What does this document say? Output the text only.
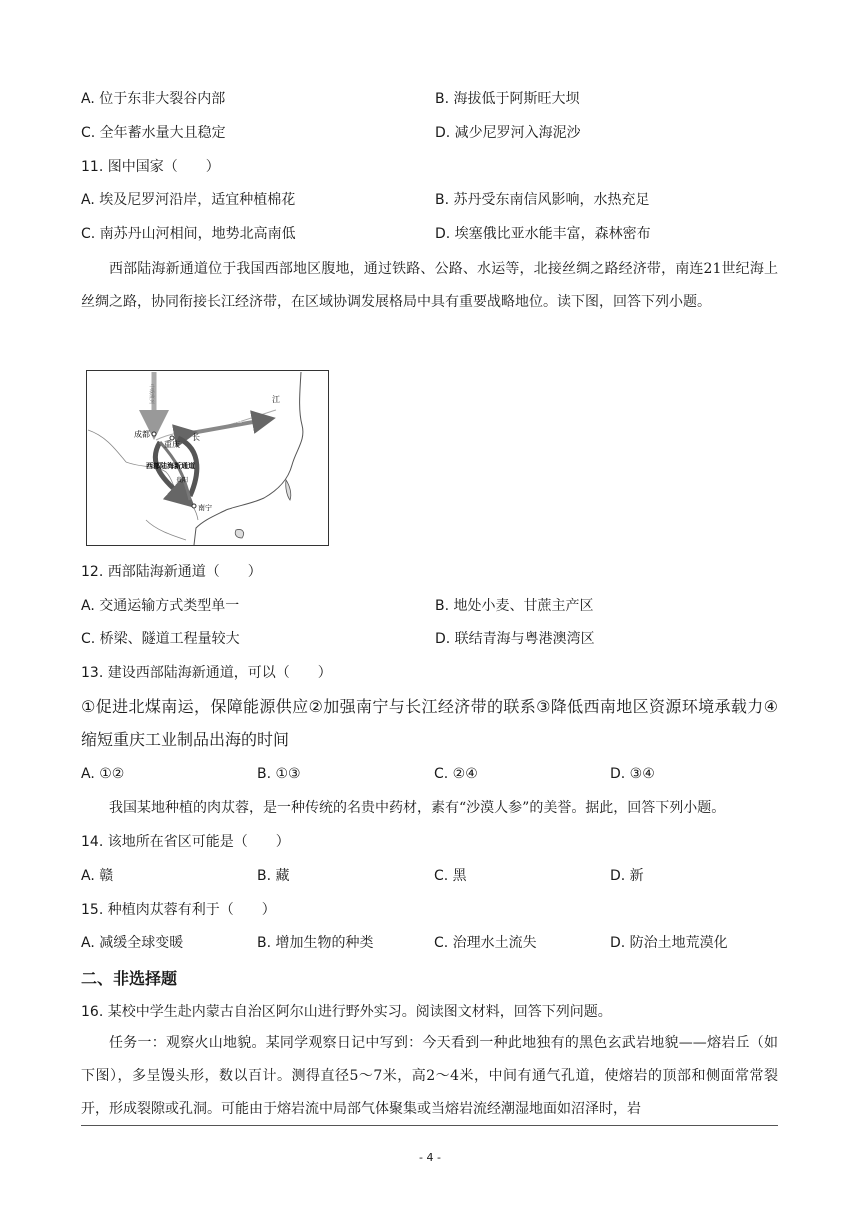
A. 位于东非大裂谷内部	B. 海拔低于阿斯旺大坝
C. 全年蓄水量大且稳定	D. 减少尼罗河入海泥沙
11. 图中国家（　　）
A. 埃及尼罗河沿岸，适宜种植棉花	B. 苏丹受东南信风影响，水热充足
C. 南苏丹山河相间，地势北高南低	D. 埃塞俄比亚水能丰富，森林密布
西部陆海新通道位于我国西部地区腹地，通过铁路、公路、水运等，北接丝绸之路经济带，南连21世纪海上丝绸之路，协同衔接长江经济带，在区域协调发展格局中具有重要战略地位。读下图，回答下列小题。
成都
重庆
南宁
长
江
长江通道
西部陆海新通道
贵阳
中欧班列
12. 西部陆海新通道（　　）
A. 交通运输方式类型单一	B. 地处小麦、甘蔗主产区
C. 桥梁、隧道工程量较大	D. 联结青海与粤港澳湾区
13. 建设西部陆海新通道，可以（　　）
①促进北煤南运，保障能源供应②加强南宁与长江经济带的联系③降低西南地区资源环境承载力④缩短重庆工业制品出海的时间
A. ①②	B. ①③	C. ②④	D. ③④
我国某地种植的肉苁蓉，是一种传统的名贵中药材，素有“沙漠人参”的美誉。据此，回答下列小题。
14. 该地所在省区可能是（　　）
A. 赣	B. 藏	C. 黑	D. 新
15. 种植肉苁蓉有利于（　　）
A. 减缓全球变暖	B. 增加生物的种类	C. 治理水土流失	D. 防治土地荒漠化
二、非选择题
16. 某校中学生赴内蒙古自治区阿尔山进行野外实习。阅读图文材料，回答下列问题。
任务一：观察火山地貌。某同学观察日记中写到：今天看到一种此地独有的黑色玄武岩地貌——熔岩丘（如下图），多呈馒头形，数以百计。测得直径5～7米，高2～4米，中间有通气孔道，使熔岩的顶部和侧面常常裂开，形成裂隙或孔洞。可能由于熔岩流中局部气体聚集或当熔岩流经潮湿地面如沼泽时，岩
- 4 -
